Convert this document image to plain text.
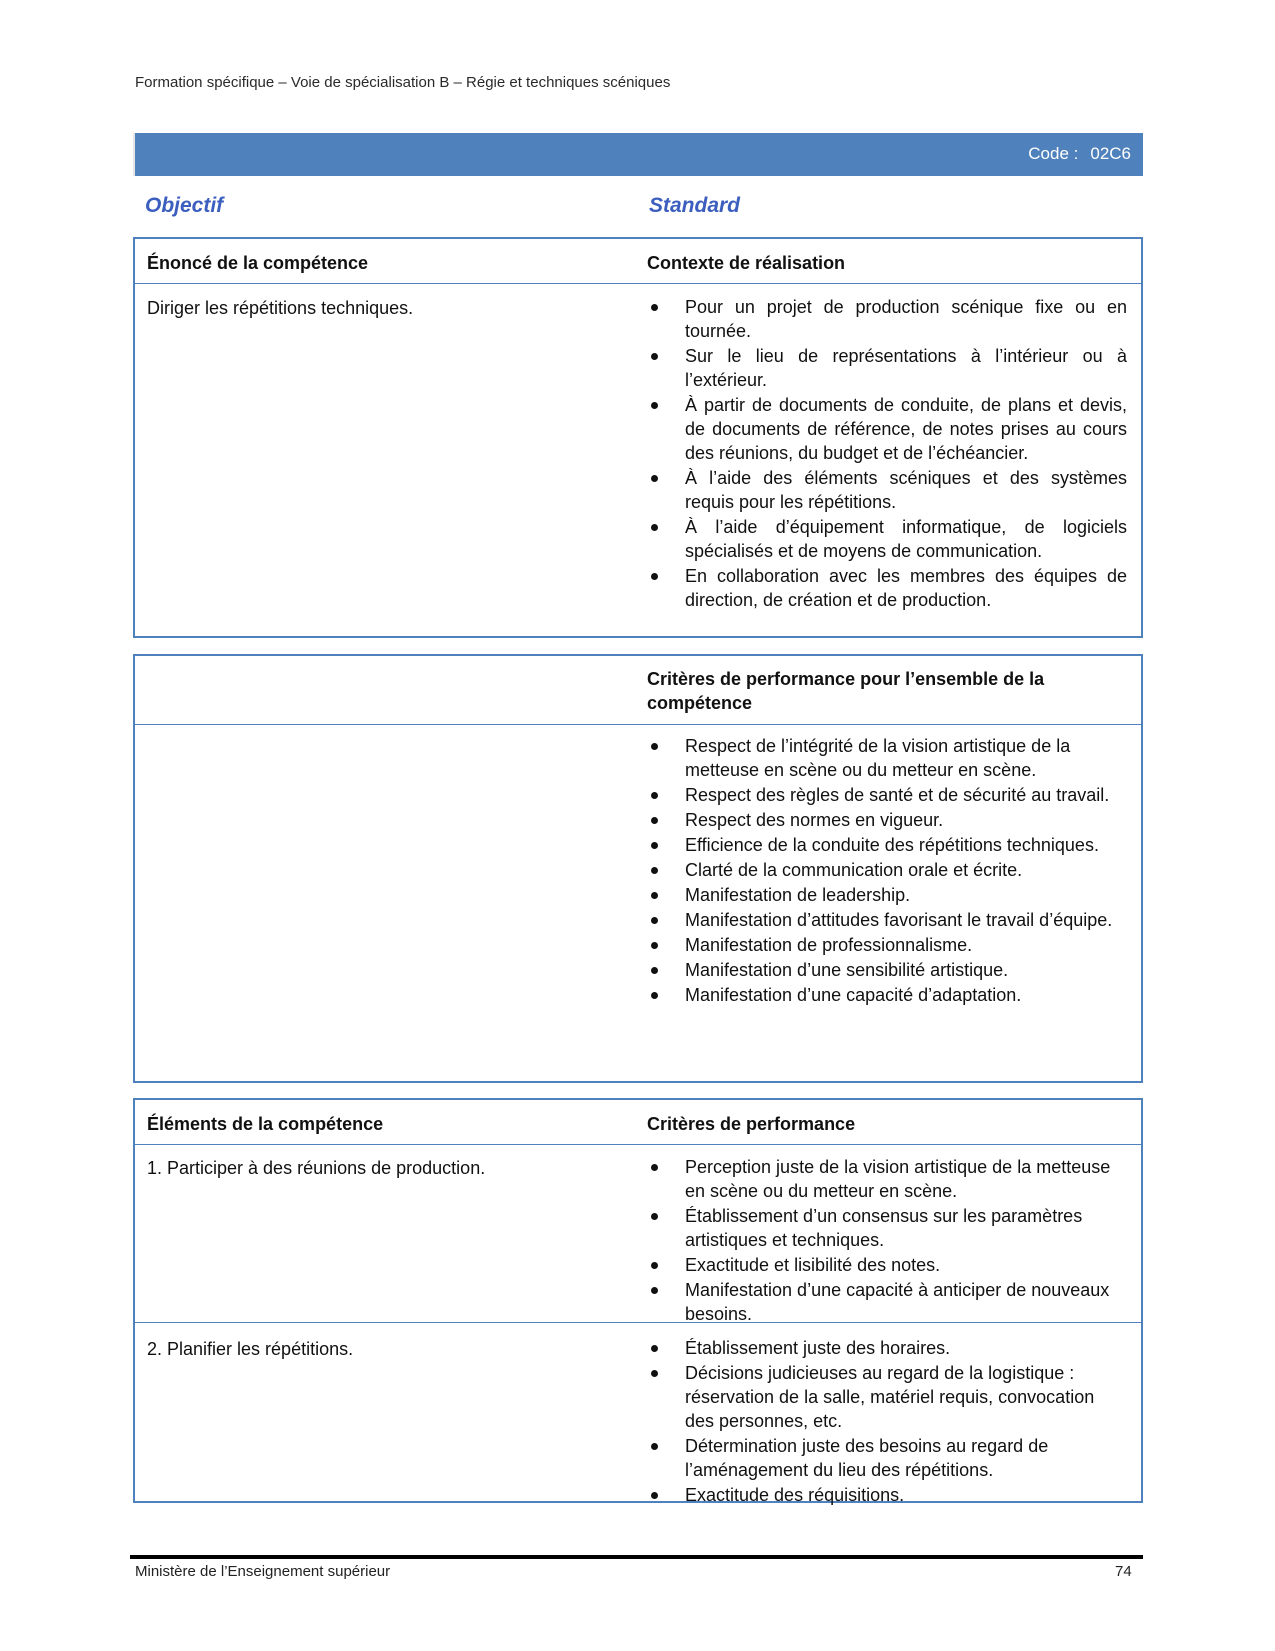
Formation spécifique – Voie de spécialisation B – Régie et techniques scéniques
Code : 02C6
Objectif	Standard
Énoncé de la compétence	Contexte de réalisation
Diriger les répétitions techniques.	Pour un projet de production scénique fixe ou en tournée.
Sur le lieu de représentations à l’intérieur ou à l’extérieur.
À partir de documents de conduite, de plans et devis, de documents de référence, de notes prises au cours des réunions, du budget et de l’échéancier.
À l’aide des éléments scéniques et des systèmes requis pour les répétitions.
À l’aide d’équipement informatique, de logiciels spécialisés et de moyens de communication.
En collaboration avec les membres des équipes de direction, de création et de production.
Critères de performance pour l’ensemble de la compétence
Respect de l’intégrité de la vision artistique de la metteuse en scène ou du metteur en scène.
Respect des règles de santé et de sécurité au travail.
Respect des normes en vigueur.
Efficience de la conduite des répétitions techniques.
Clarté de la communication orale et écrite.
Manifestation de leadership.
Manifestation d’attitudes favorisant le travail d’équipe.
Manifestation de professionnalisme.
Manifestation d’une sensibilité artistique.
Manifestation d’une capacité d’adaptation.
Éléments de la compétence	Critères de performance
1. Participer à des réunions de production.	Perception juste de la vision artistique de la metteuse en scène ou du metteur en scène.
Établissement d’un consensus sur les paramètres artistiques et techniques.
Exactitude et lisibilité des notes.
Manifestation d’une capacité à anticiper de nouveaux besoins.
2. Planifier les répétitions.	Établissement juste des horaires.
Décisions judicieuses au regard de la logistique : réservation de la salle, matériel requis, convocation des personnes, etc.
Détermination juste des besoins au regard de l’aménagement du lieu des répétitions.
Exactitude des réquisitions.
Ministère de l’Enseignement supérieur	74
